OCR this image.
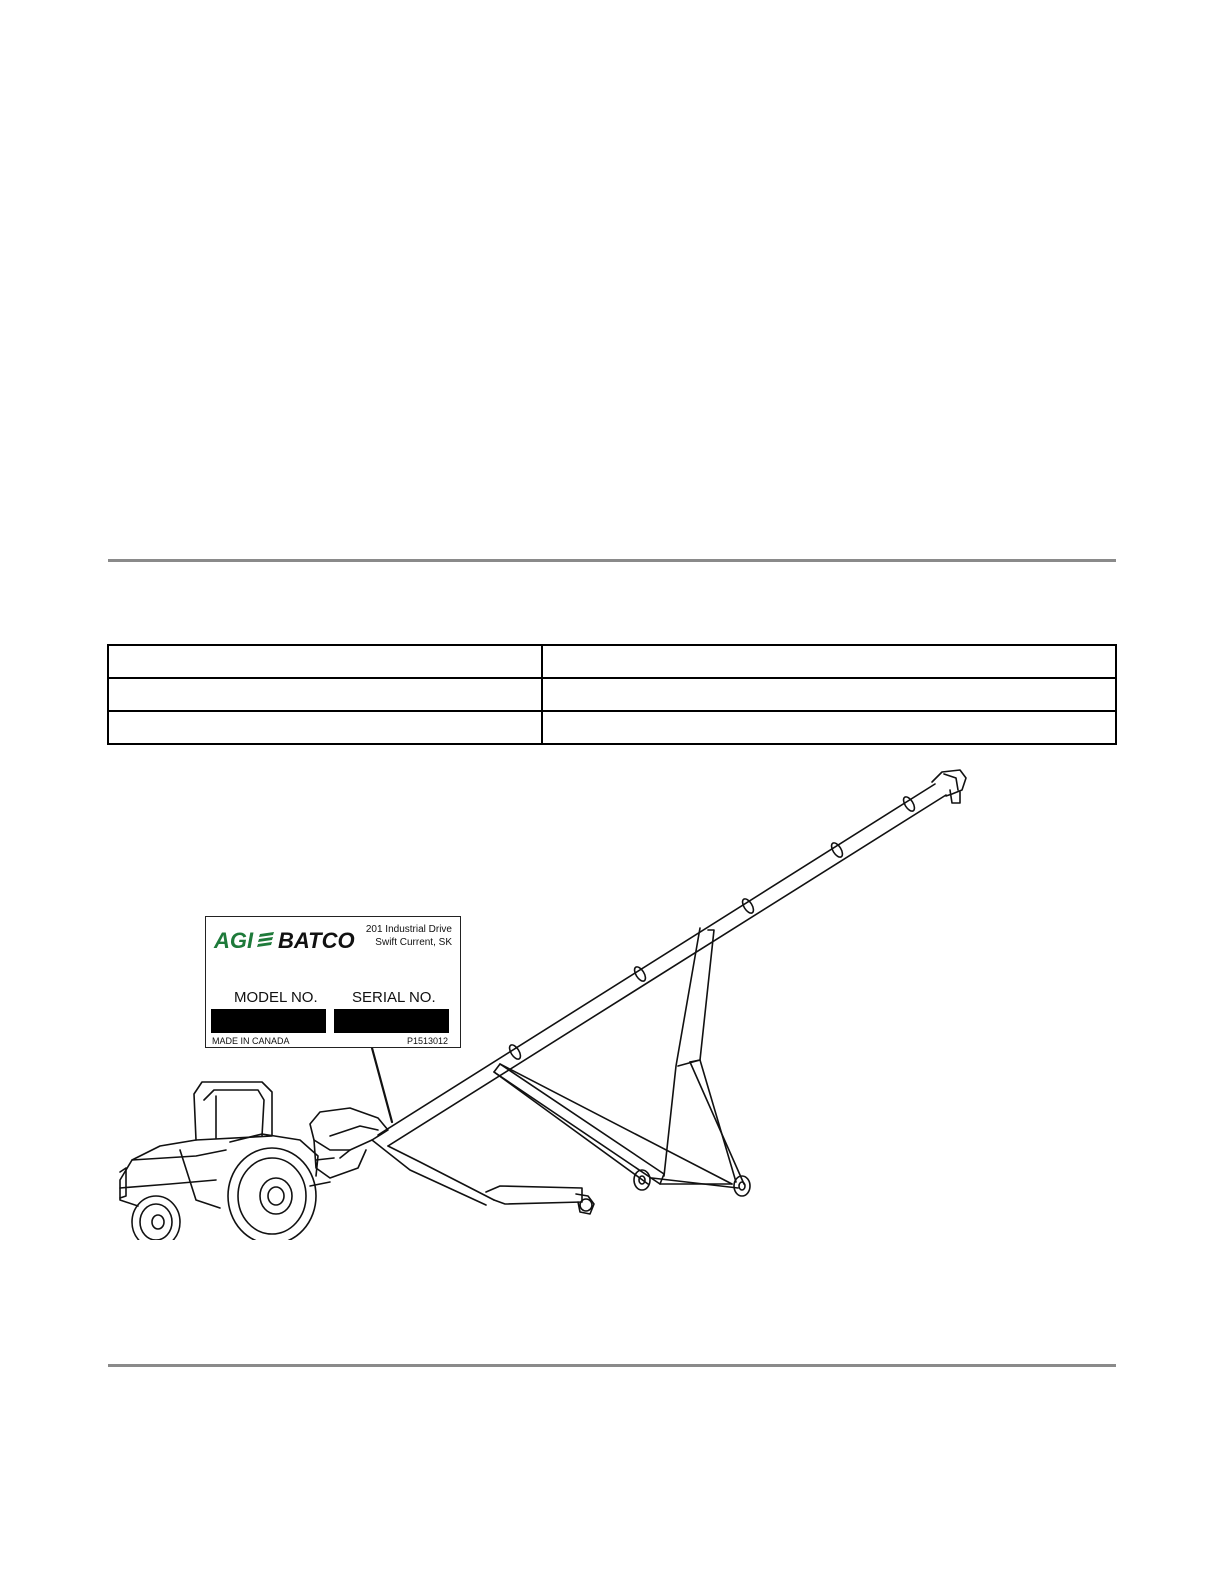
AGI BATCO 201 Industrial Drive
Swift Current, SK
MODEL NO. SERIAL NO.
MADE IN CANADA	P1513012
